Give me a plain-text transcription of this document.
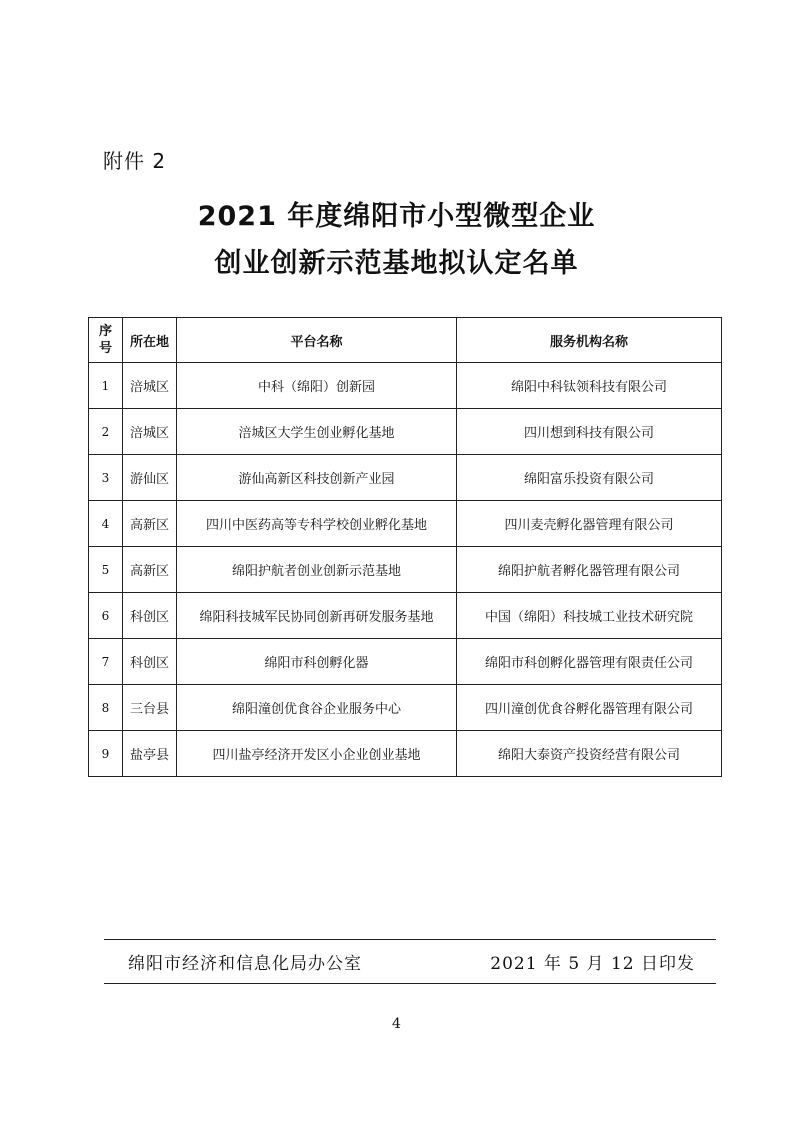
附件 2
2021 年度绵阳市小型微型企业
创业创新示范基地拟认定名单
序
号	所在地	平台名称	服务机构名称
1	涪城区	中科（绵阳）创新园	绵阳中科钛领科技有限公司
2	涪城区	涪城区大学生创业孵化基地	四川想到科技有限公司
3	游仙区	游仙高新区科技创新产业园	绵阳富乐投资有限公司
4	高新区	四川中医药高等专科学校创业孵化基地	四川麦壳孵化器管理有限公司
5	高新区	绵阳护航者创业创新示范基地	绵阳护航者孵化器管理有限公司
6	科创区	绵阳科技城军民协同创新再研发服务基地	中国（绵阳）科技城工业技术研究院
7	科创区	绵阳市科创孵化器	绵阳市科创孵化器管理有限责任公司
8	三台县	绵阳潼创优食谷企业服务中心	四川潼创优食谷孵化器管理有限公司
9	盐亭县	四川盐亭经济开发区小企业创业基地	绵阳大泰资产投资经营有限公司
绵阳市经济和信息化局办公室	2021 年 5 月 12 日印发
4
